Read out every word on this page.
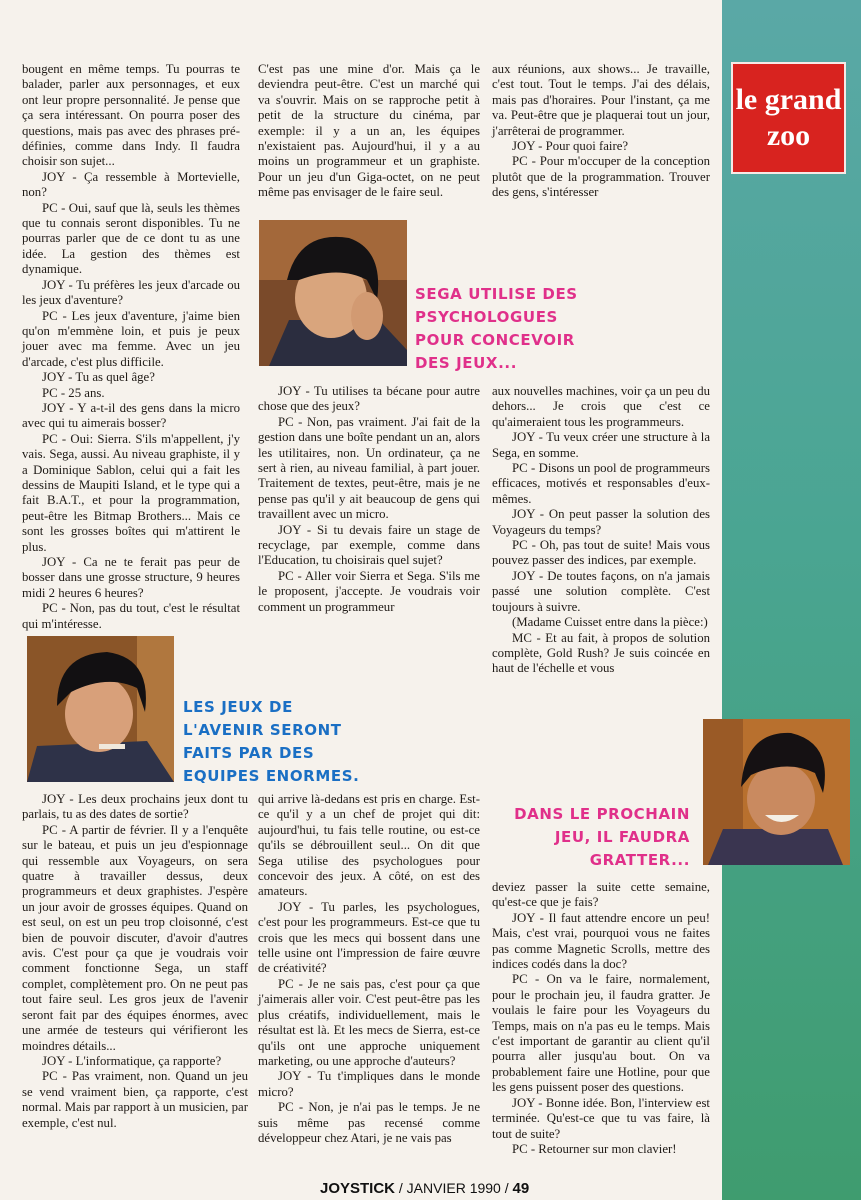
le grand
zoo
SEGA UTILISE DES
PSYCHOLOGUES
POUR CONCEVOIR
DES JEUX...
LES JEUX DE
L'AVENIR SERONT
FAITS PAR DES
EQUIPES ENORMES.
DANS LE PROCHAIN
JEU, IL FAUDRA
GRATTER...

bougent en même temps. Tu pourras te balader, parler aux personnages, et eux ont leur propre personnalité. Je pense que ça sera intéressant. On pourra poser des questions, mais pas avec des phrases pré-définies, comme dans Indy. Il faudra choisir son sujet...

JOY - Ça ressemble à Mortevielle, non?

PC - Oui, sauf que là, seuls les thèmes que tu connais seront disponibles. Tu ne pourras parler que de ce dont tu as une idée. La gestion des thèmes est dynamique.

JOY - Tu préfères les jeux d'arcade ou les jeux d'aventure?

PC - Les jeux d'aventure, j'aime bien qu'on m'emmène loin, et puis je peux jouer avec ma femme. Avec un jeu d'arcade, c'est plus difficile.

JOY - Tu as quel âge?

PC - 25 ans.

JOY - Y a-t-il des gens dans la micro avec qui tu aimerais bosser?

PC - Oui: Sierra. S'ils m'appellent, j'y vais. Sega, aussi. Au niveau graphiste, il y a Dominique Sablon, celui qui a fait les dessins de Maupiti Island, et le type qui a fait B.A.T., et pour la programmation, peut-être les Bitmap Brothers... Mais ce sont les grosses boîtes qui m'attirent le plus.

JOY - Ca ne te ferait pas peur de bosser dans une grosse structure, 9 heures midi 2 heures 6 heures?

PC - Non, pas du tout, c'est le résultat qui m'intéresse.

C'est pas une mine d'or. Mais ça le deviendra peut-être. C'est un marché qui va s'ouvrir. Mais on se rapproche petit à petit de la structure du cinéma, par exemple: il y a un an, les équipes n'existaient pas. Aujourd'hui, il y a au moins un programmeur et un graphiste. Pour un jeu d'un Giga-octet, on ne peut même pas envisager de le faire seul.

aux réunions, aux shows... Je travaille, c'est tout. Tout le temps. J'ai des délais, mais pas d'horaires. Pour l'instant, ça me va. Peut-être que je plaquerai tout un jour, j'arrêterai de programmer.

JOY - Pour quoi faire?

PC - Pour m'occuper de la conception plutôt que de la programmation. Trouver des gens, s'intéresser

JOY - Tu utilises ta bécane pour autre chose que des jeux?

PC - Non, pas vraiment. J'ai fait de la gestion dans une boîte pendant un an, alors les utilitaires, non. Un ordinateur, ça ne sert à rien, au niveau familial, à part jouer. Traitement de textes, peut-être, mais je ne pense pas qu'il y ait beaucoup de gens qui travaillent avec un micro.

JOY - Si tu devais faire un stage de recyclage, par exemple, comme dans l'Education, tu choisirais quel sujet?

PC - Aller voir Sierra et Sega. S'ils me le proposent, j'accepte. Je voudrais voir comment un programmeur

aux nouvelles machines, voir ça un peu du dehors... Je crois que c'est ce qu'aimeraient tous les programmeurs.

JOY - Tu veux créer une structure à la Sega, en somme.

PC - Disons un pool de programmeurs efficaces, motivés et responsables d'eux-mêmes.

JOY - On peut passer la solution des Voyageurs du temps?

PC - Oh, pas tout de suite! Mais vous pouvez passer des indices, par exemple.

JOY - De toutes façons, on n'a jamais passé une solution complète. C'est toujours à suivre.

(Madame Cuisset entre dans la pièce:)

MC - Et au fait, à propos de solution complète, Gold Rush? Je suis coincée en haut de l'échelle et vous

JOY - Les deux prochains jeux dont tu parlais, tu as des dates de sortie?

PC - A partir de février. Il y a l'enquête sur le bateau, et puis un jeu d'espionnage qui ressemble aux Voyageurs, on sera quatre à travailler dessus, deux programmeurs et deux graphistes. J'espère un jour avoir de grosses équipes. Quand on est seul, on est un peu trop cloisonné, c'est bien de pouvoir discuter, d'avoir d'autres avis. C'est pour ça que je voudrais voir comment fonctionne Sega, un staff complet, complètement pro. On ne peut pas tout faire seul. Les gros jeux de l'avenir seront fait par des équipes énormes, avec une armée de testeurs qui vérifieront les moindres détails...

JOY - L'informatique, ça rapporte?

PC - Pas vraiment, non. Quand un jeu se vend vraiment bien, ça rapporte, c'est normal. Mais par rapport à un musicien, par exemple, c'est nul.

qui arrive là-dedans est pris en charge. Est-ce qu'il y a un chef de projet qui dit: aujourd'hui, tu fais telle routine, ou est-ce qu'ils se débrouillent seul... On dit que Sega utilise des psychologues pour concevoir des jeux. A côté, on est des amateurs.

JOY - Tu parles, les psychologues, c'est pour les programmeurs. Est-ce que tu crois que les mecs qui bossent dans une telle usine ont l'impression de faire œuvre de créativité?

PC - Je ne sais pas, c'est pour ça que j'aimerais aller voir. C'est peut-être pas les plus créatifs, individuellement, mais le résultat est là. Et les mecs de Sierra, est-ce qu'ils ont une approche uniquement marketing, ou une approche d'auteurs?

JOY - Tu t'impliques dans le monde micro?

PC - Non, je n'ai pas le temps. Je ne suis même pas recensé comme développeur chez Atari, je ne vais pas

deviez passer la suite cette semaine, qu'est-ce que je fais?

JOY - Il faut attendre encore un peu! Mais, c'est vrai, pourquoi vous ne faites pas comme Magnetic Scrolls, mettre des indices codés dans la doc?

PC - On va le faire, normalement, pour le prochain jeu, il faudra gratter. Je voulais le faire pour les Voyageurs du Temps, mais on n'a pas eu le temps. Mais c'est important de garantir au client qu'il pourra aller jusqu'au bout. On va probablement faire une Hotline, pour que les gens puissent poser des questions.

JOY - Bonne idée. Bon, l'interview est terminée. Qu'est-ce que tu vas faire, là tout de suite?

PC - Retourner sur mon clavier!

JOYSTICK / JANVIER 1990 / 49
